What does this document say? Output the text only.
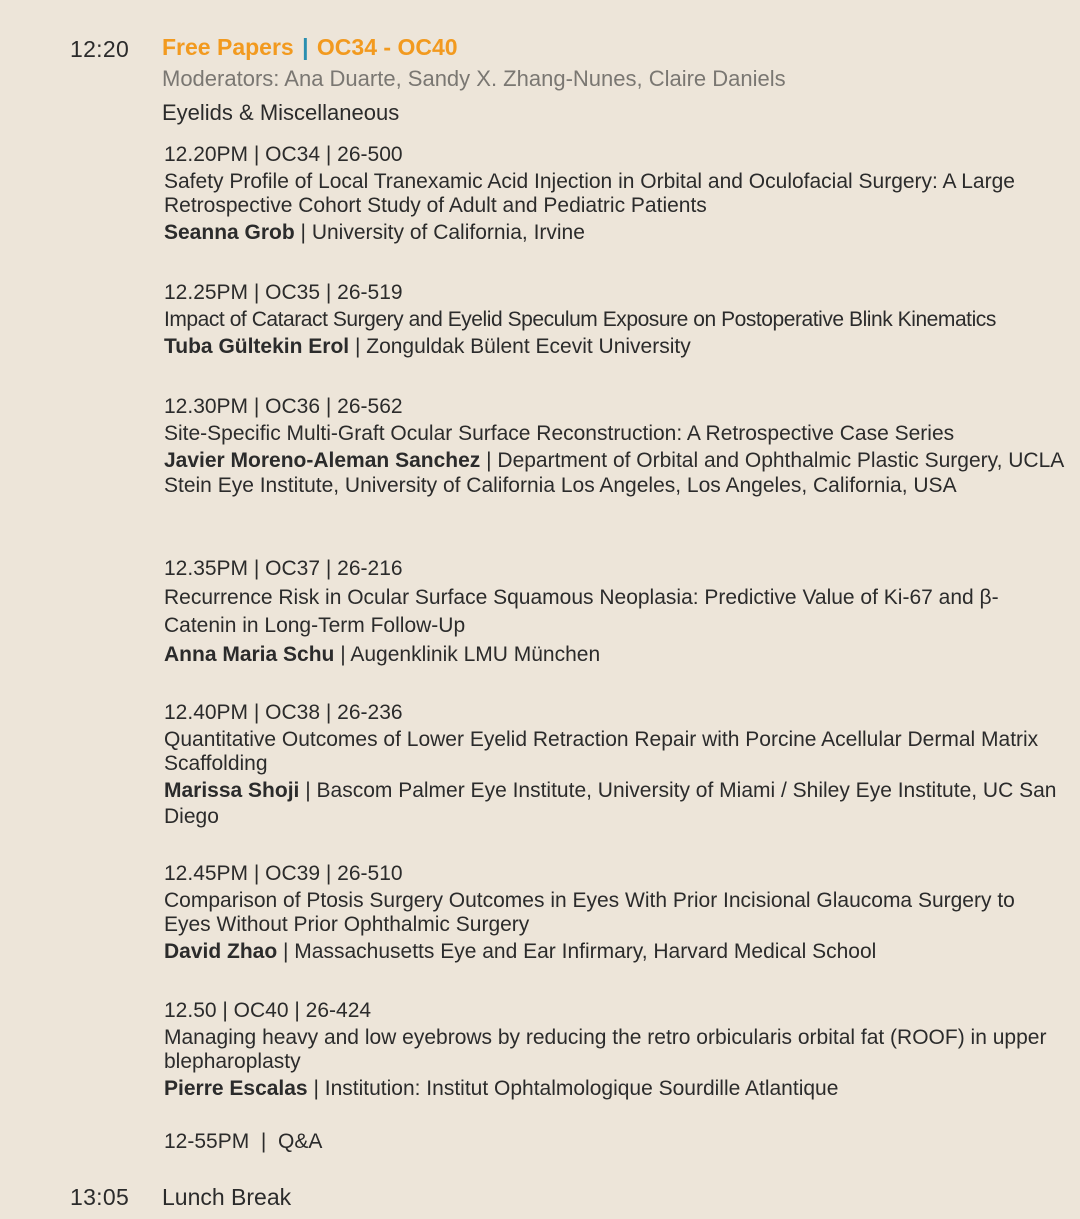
12:20 Free Papers | OC34 - OC40
Moderators: Ana Duarte, Sandy X. Zhang-Nunes, Claire Daniels
Eyelids & Miscellaneous
12.20PM | OC34 | 26-500
Safety Profile of Local Tranexamic Acid Injection in Orbital and Oculofacial Surgery: A Large Retrospective Cohort Study of Adult and Pediatric Patients
Seanna Grob | University of California, Irvine
12.25PM | OC35 | 26-519
Impact of Cataract Surgery and Eyelid Speculum Exposure on Postoperative Blink Kinematics
Tuba Gültekin Erol | Zonguldak Bülent Ecevit University
12.30PM | OC36 | 26-562
Site-Specific Multi-Graft Ocular Surface Reconstruction: A Retrospective Case Series
Javier Moreno-Aleman Sanchez | Department of Orbital and Ophthalmic Plastic Surgery, UCLA Stein Eye Institute, University of California Los Angeles, Los Angeles, California, USA
12.35PM | OC37 | 26-216
Recurrence Risk in Ocular Surface Squamous Neoplasia: Predictive Value of Ki-67 and β-Catenin in Long-Term Follow-Up
Anna Maria Schu | Augenklinik LMU München
12.40PM | OC38 | 26-236
Quantitative Outcomes of Lower Eyelid Retraction Repair with Porcine Acellular Dermal Matrix Scaffolding
Marissa Shoji | Bascom Palmer Eye Institute, University of Miami / Shiley Eye Institute, UC San Diego
12.45PM | OC39 | 26-510
Comparison of Ptosis Surgery Outcomes in Eyes With Prior Incisional Glaucoma Surgery to Eyes Without Prior Ophthalmic Surgery
David Zhao | Massachusetts Eye and Ear Infirmary, Harvard Medical School
12.50 | OC40 | 26-424
Managing heavy and low eyebrows by reducing the retro orbicularis orbital fat (ROOF) in upper blepharoplasty
Pierre Escalas | Institution: Institut Ophtalmologique Sourdille Atlantique
12-55PM  |  Q&A
13:05 Lunch Break
